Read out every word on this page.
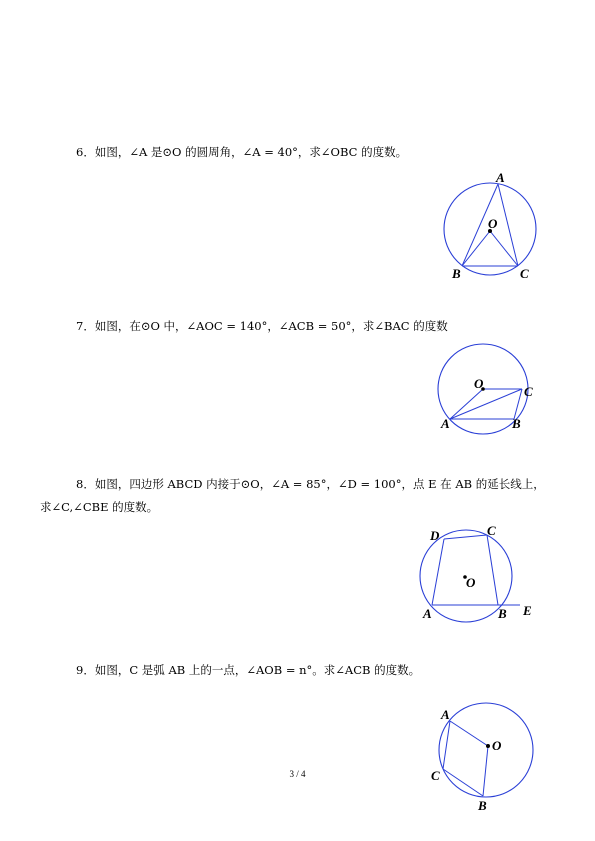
6．如图，∠A 是⊙O 的圆周角，∠A = 40°，求∠OBC 的度数。
A
O
B	C
7．如图，在⊙O 中，∠AOC = 140°，∠ACB = 50°，求∠BAC 的度数
O
C
A	B
8．如图，四边形 ABCD 内接于⊙O，∠A = 85°，∠D = 100°，点 E 在 AB 的延长线上，
求∠C,∠CBE 的度数。
D	C
O
A	B E
9．如图，C 是弧 AB 上的一点，∠AOB = n°。求∠ACB 的度数。
A
O
C
B
3 / 4
